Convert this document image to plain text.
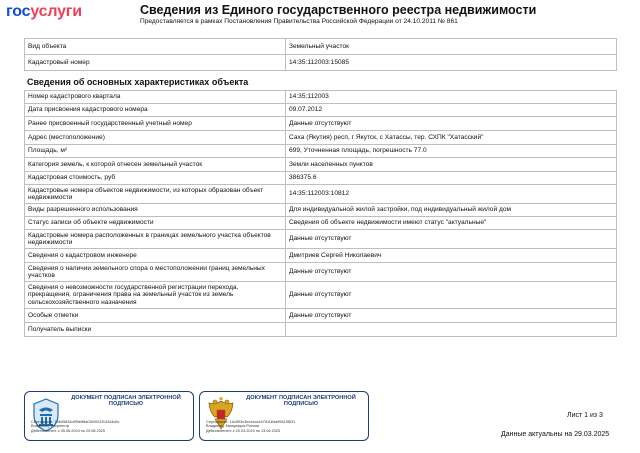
госуслуги	Сведения из Единого государственного реестра недвижимости
Предоставляется в рамках Постановления Правительства Российской Федерации от 24.10.2011 № 861
Вид объекта	Земельный участок
Кадастровый номер	14:35:112003:15085
Сведения об основных характеристиках объекта
Номер кадастрового квартала	14:35:112003
Дата присвоения кадастрового номера	09.07.2012
Ранее присвоенный государственный учетный номер	Данные отсутствуют
Адрес (местоположение)	Саха (Якутия) респ, г Якутск, с Хатассы, тер. СХПК "Хатасский"
Площадь, м²	699, Уточненная площадь, погрешность 77.0
Категория земель, к которой отнесен земельный участок	Земли населенных пунктов
Кадастровая стоимость, руб	386375.6
Кадастровые номера объектов недвижимости, из которых образован объект недвижимости	14:35:112003:10812
Виды разрешенного использования	Для индивидуальной жилой застройки, под индивидуальный жилой дом
Статус записи об объекте недвижимости	Сведения об объекте недвижимости имеют статус "актуальные"
Кадастровые номера расположенных в границах земельного участка объектов недвижимости	Данные отсутствуют
Сведения о кадастровом инженере	Дмитриев Сергей Николаевич
Сведения о наличии земельного спора о местоположении границ земельных участков	Данные отсутствуют
Сведения о невозможности государственной регистрации перехода, прекращения, ограничения права на земельный участок из земель сельскохозяйственного назначения	Данные отсутствуют
Особые отметки	Данные отсутствуют
Получатель выписки	
ДОКУМЕНТ ПОДПИСАН ЭЛЕКТРОННОЙ ПОДПИСЬЮ
Сертификат: 10b05834d9f3e88a0349011f13444c6c
Владелец: Росреестр
Действителен: с 05.06.2024 по 29.08.2025
ДОКУМЕНТ ПОДПИСАН ЭЛЕКТРОННОЙ ПОДПИСЬЮ
Сертификат: 1d1893c3ee4cca1b7d1164a95519f531
Владелец: Минцифры России
Действителен: с 20.03.2024 по 13.06.2025
Лист 1 из 3
Данные актуальны на 29.03.2025
